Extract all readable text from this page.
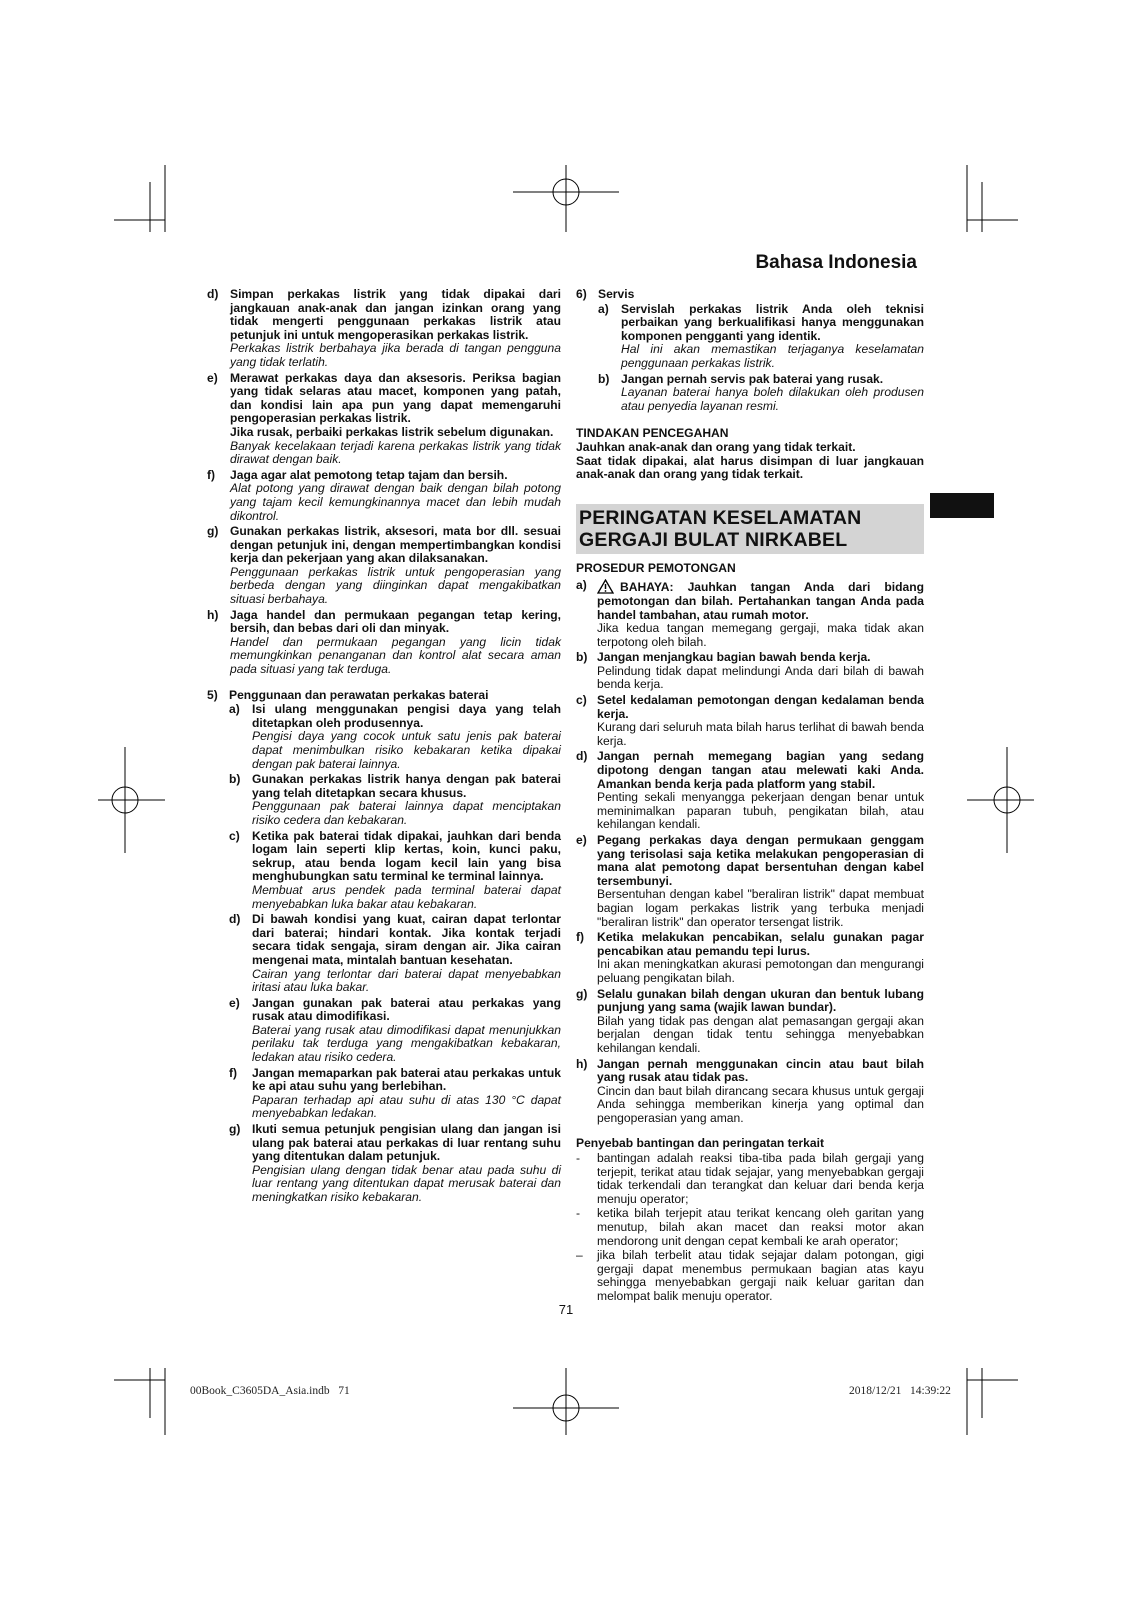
Bahasa Indonesia
d) Simpan perkakas listrik yang tidak dipakai dari jangkauan anak-anak dan jangan izinkan orang yang tidak mengerti penggunaan perkakas listrik atau petunjuk ini untuk mengoperasikan perkakas listrik.
Perkakas listrik berbahaya jika berada di tangan pengguna yang tidak terlatih.
e) Merawat perkakas daya dan aksesoris. Periksa bagian yang tidak selaras atau macet, komponen yang patah, dan kondisi lain apa pun yang dapat memengaruhi pengoperasian perkakas listrik.
Jika rusak, perbaiki perkakas listrik sebelum digunakan.
Banyak kecelakaan terjadi karena perkakas listrik yang tidak dirawat dengan baik.
f) Jaga agar alat pemotong tetap tajam dan bersih.
Alat potong yang dirawat dengan baik dengan bilah potong yang tajam kecil kemungkinannya macet dan lebih mudah dikontrol.
g) Gunakan perkakas listrik, aksesori, mata bor dll. sesuai dengan petunjuk ini, dengan mempertimbangkan kondisi kerja dan pekerjaan yang akan dilaksanakan.
Penggunaan perkakas listrik untuk pengoperasian yang berbeda dengan yang diinginkan dapat mengakibatkan situasi berbahaya.
h) Jaga handel dan permukaan pegangan tetap kering, bersih, dan bebas dari oli dan minyak.
Handel dan permukaan pegangan yang licin tidak memungkinkan penanganan dan kontrol alat secara aman pada situasi yang tak terduga.
5) Penggunaan dan perawatan perkakas baterai
a) Isi ulang menggunakan pengisi daya yang telah ditetapkan oleh produsennya.
Pengisi daya yang cocok untuk satu jenis pak baterai dapat menimbulkan risiko kebakaran ketika dipakai dengan pak baterai lainnya.
b) Gunakan perkakas listrik hanya dengan pak baterai yang telah ditetapkan secara khusus.
Penggunaan pak baterai lainnya dapat menciptakan risiko cedera dan kebakaran.
c) Ketika pak baterai tidak dipakai, jauhkan dari benda logam lain seperti klip kertas, koin, kunci paku, sekrup, atau benda logam kecil lain yang bisa menghubungkan satu terminal ke terminal lainnya.
Membuat arus pendek pada terminal baterai dapat menyebabkan luka bakar atau kebakaran.
d) Di bawah kondisi yang kuat, cairan dapat terlontar dari baterai; hindari kontak. Jika kontak terjadi secara tidak sengaja, siram dengan air. Jika cairan mengenai mata, mintalah bantuan kesehatan.
Cairan yang terlontar dari baterai dapat menyebabkan iritasi atau luka bakar.
e) Jangan gunakan pak baterai atau perkakas yang rusak atau dimodifikasi.
Baterai yang rusak atau dimodifikasi dapat menunjukkan perilaku tak terduga yang mengakibatkan kebakaran, ledakan atau risiko cedera.
f) Jangan memaparkan pak baterai atau perkakas untuk ke api atau suhu yang berlebihan.
Paparan terhadap api atau suhu di atas 130 °C dapat menyebabkan ledakan.
g) Ikuti semua petunjuk pengisian ulang dan jangan isi ulang pak baterai atau perkakas di luar rentang suhu yang ditentukan dalam petunjuk.
Pengisian ulang dengan tidak benar atau pada suhu di luar rentang yang ditentukan dapat merusak baterai dan meningkatkan risiko kebakaran.
6) Servis
a) Servislah perkakas listrik Anda oleh teknisi perbaikan yang berkualifikasi hanya menggunakan komponen pengganti yang identik.
Hal ini akan memastikan terjaganya keselamatan penggunaan perkakas listrik.
b) Jangan pernah servis pak baterai yang rusak.
Layanan baterai hanya boleh dilakukan oleh produsen atau penyedia layanan resmi.
TINDAKAN PENCEGAHAN
Jauhkan anak-anak dan orang yang tidak terkait.
Saat tidak dipakai, alat harus disimpan di luar jangkauan anak-anak dan orang yang tidak terkait.
PERINGATAN KESELAMATAN
GERGAJI BULAT NIRKABEL
PROSEDUR PEMOTONGAN
a)	BAHAYA: Jauhkan tangan Anda dari bidang pemotongan dan bilah. Pertahankan tangan Anda pada handel tambahan, atau rumah motor.
Jika kedua tangan memegang gergaji, maka tidak akan terpotong oleh bilah.
b) Jangan menjangkau bagian bawah benda kerja.
Pelindung tidak dapat melindungi Anda dari bilah di bawah benda kerja.
c) Setel kedalaman pemotongan dengan kedalaman benda kerja.
Kurang dari seluruh mata bilah harus terlihat di bawah benda kerja.
d) Jangan pernah memegang bagian yang sedang dipotong dengan tangan atau melewati kaki Anda. Amankan benda kerja pada platform yang stabil.
Penting sekali menyangga pekerjaan dengan benar untuk meminimalkan paparan tubuh, pengikatan bilah, atau kehilangan kendali.
e) Pegang perkakas daya dengan permukaan genggam yang terisolasi saja ketika melakukan pengoperasian di mana alat pemotong dapat bersentuhan dengan kabel tersembunyi.
Bersentuhan dengan kabel "beraliran listrik" dapat membuat bagian logam perkakas listrik yang terbuka menjadi "beraliran listrik" dan operator tersengat listrik.
f) Ketika melakukan pencabikan, selalu gunakan pagar pencabikan atau pemandu tepi lurus.
Ini akan meningkatkan akurasi pemotongan dan mengurangi peluang pengikatan bilah.
g) Selalu gunakan bilah dengan ukuran dan bentuk lubang punjung yang sama (wajik lawan bundar).
Bilah yang tidak pas dengan alat pemasangan gergaji akan berjalan dengan tidak tentu sehingga menyebabkan kehilangan kendali.
h) Jangan pernah menggunakan cincin atau baut bilah yang rusak atau tidak pas.
Cincin dan baut bilah dirancang secara khusus untuk gergaji Anda sehingga memberikan kinerja yang optimal dan pengoperasian yang aman.
Penyebab bantingan dan peringatan terkait
- bantingan adalah reaksi tiba-tiba pada bilah gergaji yang terjepit, terikat atau tidak sejajar, yang menyebabkan gergaji tidak terkendali dan terangkat dan keluar dari benda kerja menuju operator;
- ketika bilah terjepit atau terikat kencang oleh garitan yang menutup, bilah akan macet dan reaksi motor akan mendorong unit dengan cepat kembali ke arah operator;
– jika bilah terbelit atau tidak sejajar dalam potongan, gigi gergaji dapat menembus permukaan bagian atas kayu sehingga menyebabkan gergaji naik keluar garitan dan melompat balik menuju operator.
71
00Book_C3605DA_Asia.indb   71	2018/12/21   14:39:22
